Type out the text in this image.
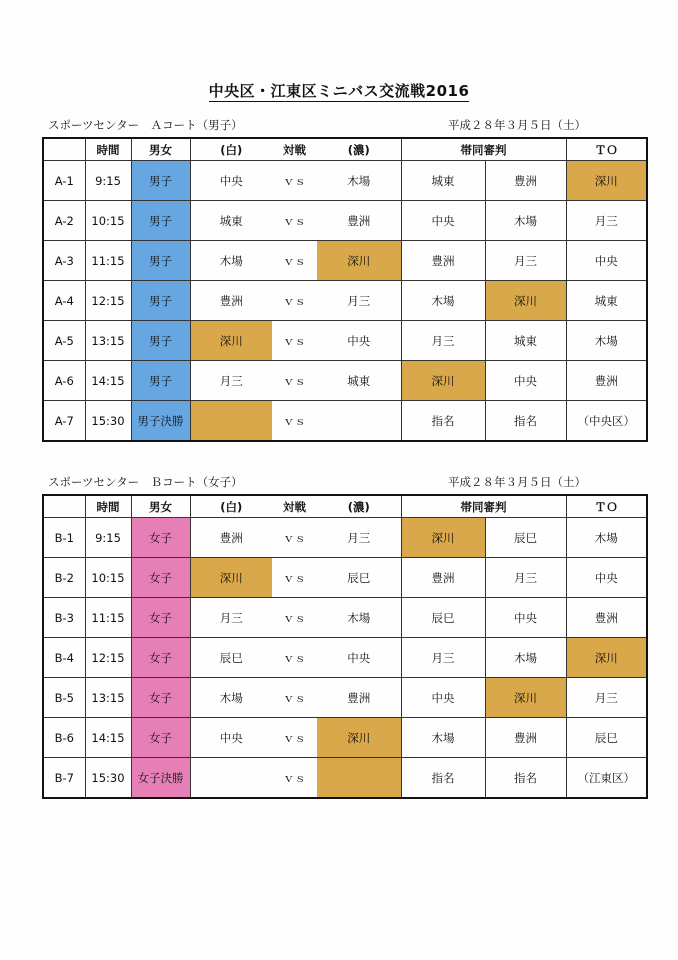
中央区・江東区ミニバス交流戦2016
スポーツセンター　Ａコート（男子）	平成２８年３月５日（土）
	時間	男女	(白)	対戦	(濃)	帯同審判		ＴＯ
A-1	9:15	男子	中央	ｖｓ	木場	城東	豊洲	深川
A-2	10:15	男子	城東	ｖｓ	豊洲	中央	木場	月三
A-3	11:15	男子	木場	ｖｓ	深川	豊洲	月三	中央
A-4	12:15	男子	豊洲	ｖｓ	月三	木場	深川	城東
A-5	13:15	男子	深川	ｖｓ	中央	月三	城東	木場
A-6	14:15	男子	月三	ｖｓ	城東	深川	中央	豊洲
A-7	15:30	男子決勝		ｖｓ		指名	指名	（中央区）
スポーツセンター　Ｂコート（女子）	平成２８年３月５日（土）
	時間	男女	(白)	対戦	(濃)	帯同審判		ＴＯ
B-1	9:15	女子	豊洲	ｖｓ	月三	深川	辰巳	木場
B-2	10:15	女子	深川	ｖｓ	辰巳	豊洲	月三	中央
B-3	11:15	女子	月三	ｖｓ	木場	辰巳	中央	豊洲
B-4	12:15	女子	辰巳	ｖｓ	中央	月三	木場	深川
B-5	13:15	女子	木場	ｖｓ	豊洲	中央	深川	月三
B-6	14:15	女子	中央	ｖｓ	深川	木場	豊洲	辰巳
B-7	15:30	女子決勝		ｖｓ		指名	指名	（江東区）
